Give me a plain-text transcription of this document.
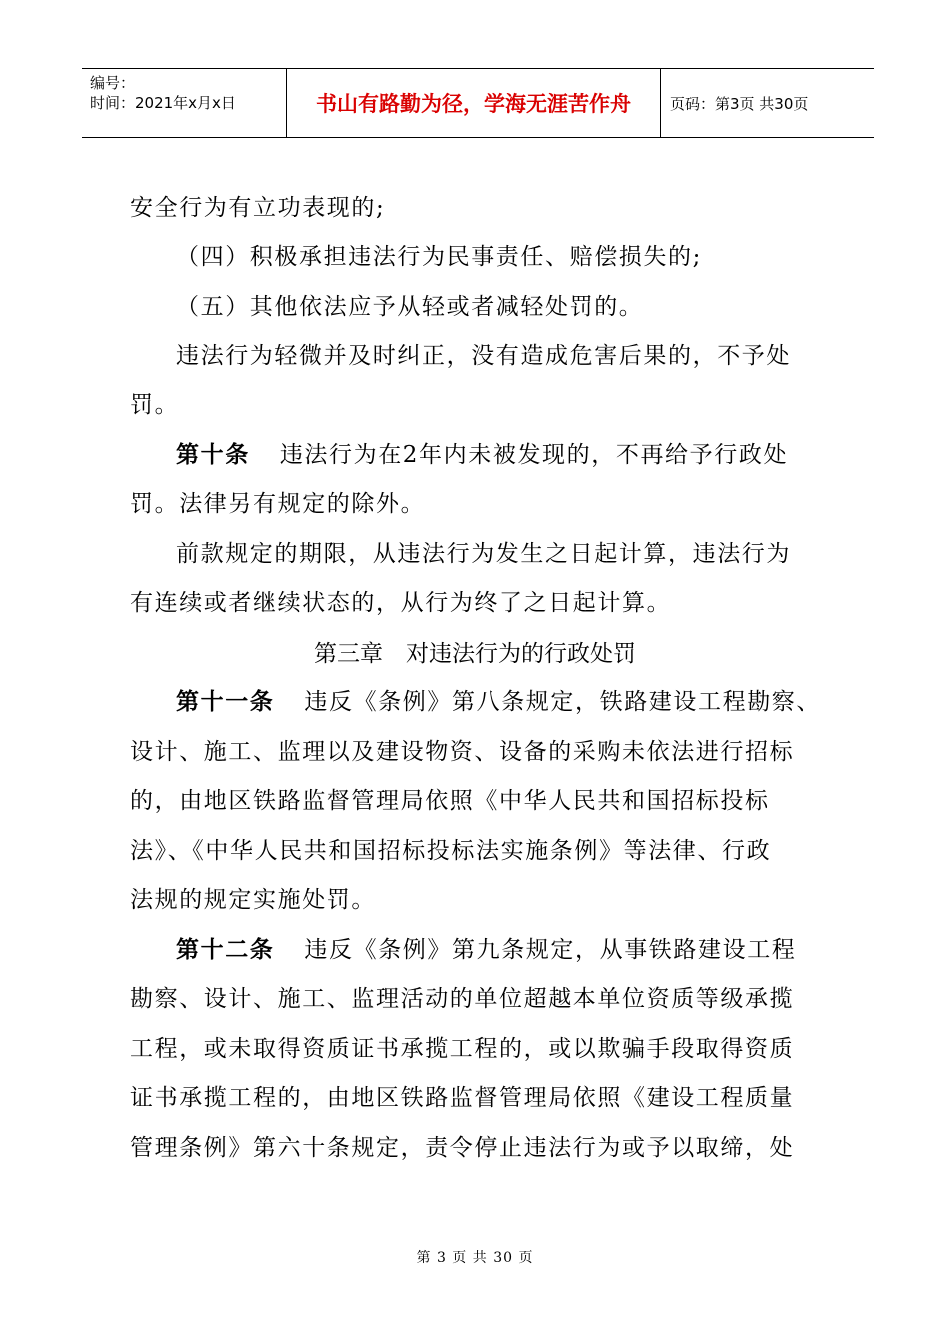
编号：
时间：2021年x月x日	书山有路勤为径，学海无涯苦作舟	页码：第3页 共30页
安全行为有立功表现的;
（四）积极承担违法行为民事责任、赔偿损失的;
（五）其他依法应予从轻或者减轻处罚的。
违法行为轻微并及时纠正，没有造成危害后果的，不予处
罚。
第十条 违法行为在2年内未被发现的，不再给予行政处
罚。法律另有规定的除外。
前款规定的期限，从违法行为发生之日起计算，违法行为
有连续或者继续状态的，从行为终了之日起计算。
第三章　对违法行为的行政处罚
第十一条 违反《条例》第八条规定，铁路建设工程勘察、
设计、施工、监理以及建设物资、设备的采购未依法进行招标
的，由地区铁路监督管理局依照《中华人民共和国招标投标
法》、《中华人民共和国招标投标法实施条例》等法律、行政
法规的规定实施处罚。
第十二条 违反《条例》第九条规定，从事铁路建设工程
勘察、设计、施工、监理活动的单位超越本单位资质等级承揽
工程，或未取得资质证书承揽工程的，或以欺骗手段取得资质
证书承揽工程的，由地区铁路监督管理局依照《建设工程质量
管理条例》第六十条规定，责令停止违法行为或予以取缔，处
第 3 页 共 30 页
